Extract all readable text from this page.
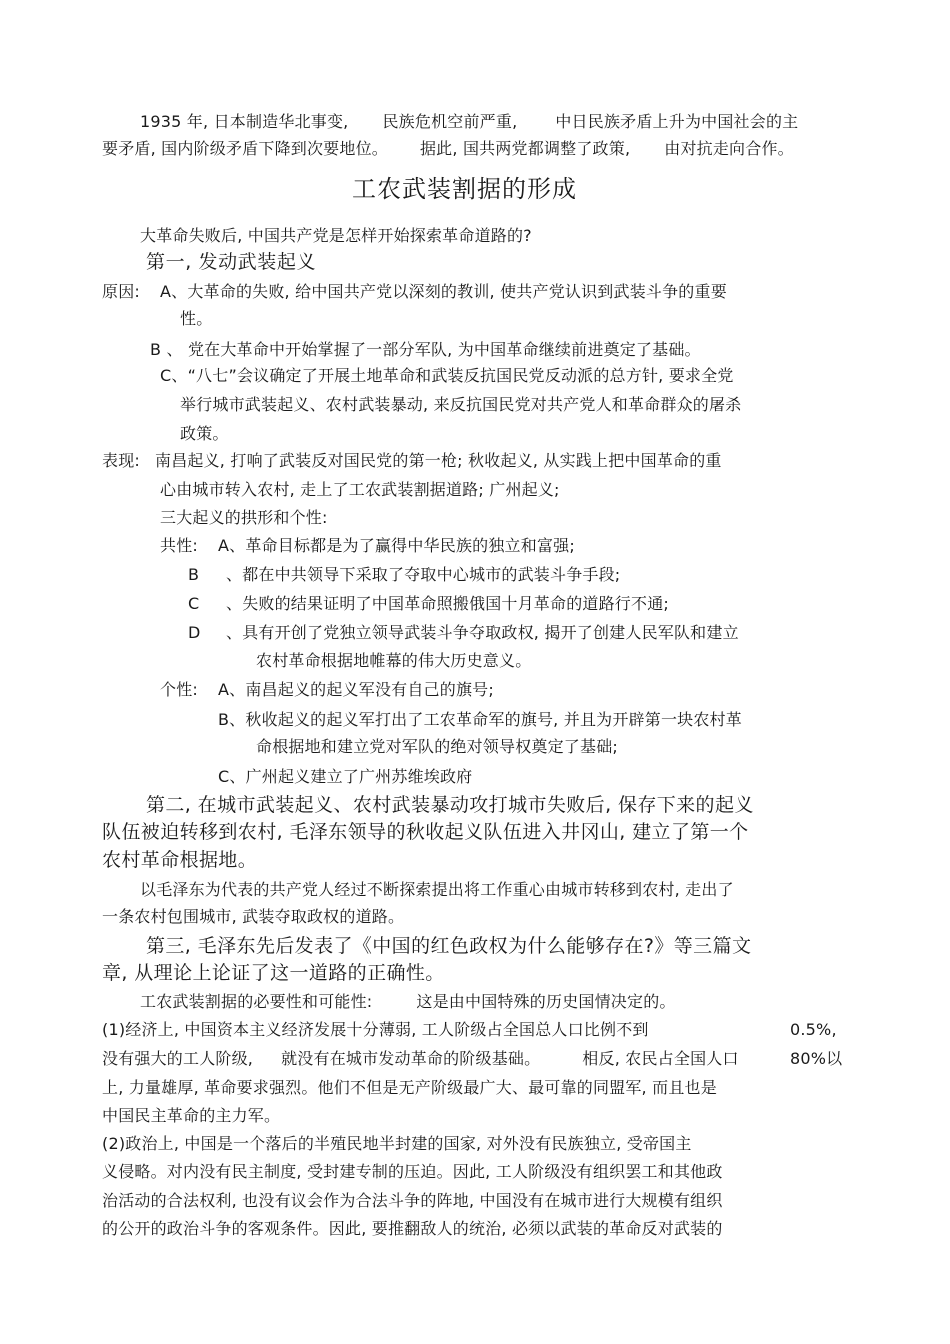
1935 年, 日本制造华北事变, 民族危机空前严重, 中日民族矛盾上升为中国社会的主
要矛盾, 国内阶级矛盾下降到次要地位。 据此, 国共两党都调整了政策, 由对抗走向合作。
工农武装割据的形成
大革命失败后, 中国共产党是怎样开始探索革命道路的?
第一, 发动武装起义
原因: A、大革命的失败, 给中国共产党以深刻的教训, 使共产党认识到武装斗争的重要
性。
B 、 党在大革命中开始掌握了一部分军队, 为中国革命继续前进奠定了基础。
C、“八七”会议确定了开展土地革命和武装反抗国民党反动派的总方针, 要求全党
举行城市武装起义、农村武装暴动, 来反抗国民党对共产党人和革命群众的屠杀
政策。
表现: 南昌起义, 打响了武装反对国民党的第一枪; 秋收起义, 从实践上把中国革命的重
心由城市转入农村, 走上了工农武装割据道路; 广州起义;
三大起义的拱形和个性:
共性: A、革命目标都是为了赢得中华民族的独立和富强;
B 、都在中共领导下采取了夺取中心城市的武装斗争手段;
C 、失败的结果证明了中国革命照搬俄国十月革命的道路行不通;
D 、具有开创了党独立领导武装斗争夺取政权, 揭开了创建人民军队和建立
农村革命根据地帷幕的伟大历史意义。
个性: A、南昌起义的起义军没有自己的旗号;
B、秋收起义的起义军打出了工农革命军的旗号, 并且为开辟第一块农村革
命根据地和建立党对军队的绝对领导权奠定了基础;
C、广州起义建立了广州苏维埃政府
第二, 在城市武装起义、农村武装暴动攻打城市失败后, 保存下来的起义
队伍被迫转移到农村, 毛泽东领导的秋收起义队伍进入井冈山, 建立了第一个
农村革命根据地。
以毛泽东为代表的共产党人经过不断探索提出将工作重心由城市转移到农村, 走出了
一条农村包围城市, 武装夺取政权的道路。
第三, 毛泽东先后发表了《中国的红色政权为什么能够存在?》等三篇文
章, 从理论上论证了这一道路的正确性。
工农武装割据的必要性和可能性:	这是由中国特殊的历史国情决定的。
(1)经济上, 中国资本主义经济发展十分薄弱, 工人阶级占全国总人口比例不到	0.5%,
没有强大的工人阶级, 就没有在城市发动革命的阶级基础。	相反, 农民占全国人口	80%以
上, 力量雄厚, 革命要求强烈。他们不但是无产阶级最广大、最可靠的同盟军, 而且也是
中国民主革命的主力军。
(2)政治上, 中国是一个落后的半殖民地半封建的国家, 对外没有民族独立, 受帝国主
义侵略。对内没有民主制度, 受封建专制的压迫。因此, 工人阶级没有组织罢工和其他政
治活动的合法权利, 也没有议会作为合法斗争的阵地, 中国没有在城市进行大规模有组织
的公开的政治斗争的客观条件。因此, 要推翻敌人的统治, 必须以武装的革命反对武装的
